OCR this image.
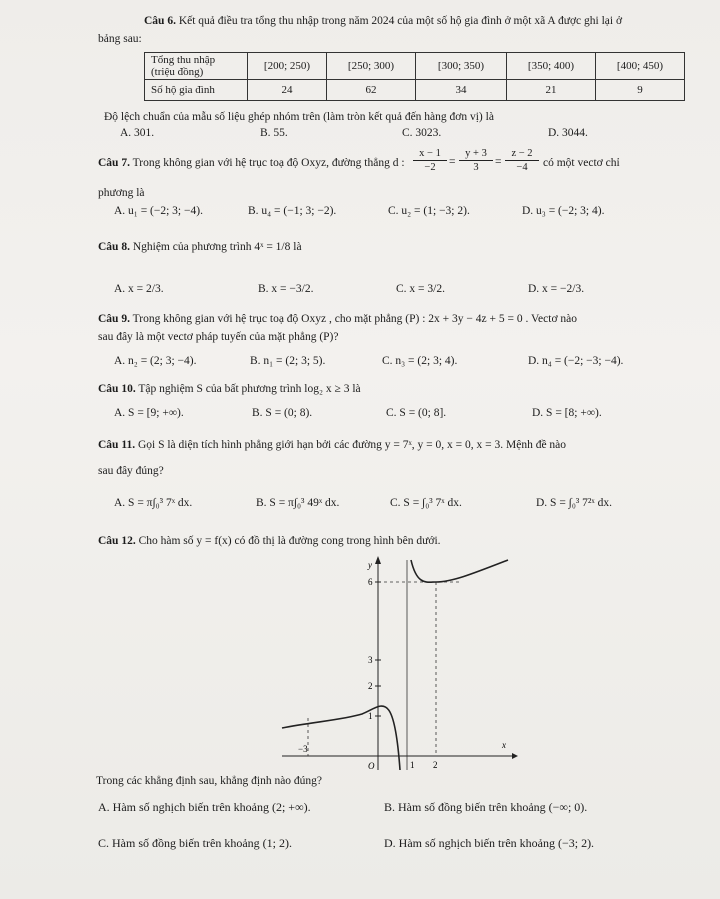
Câu 6. Kết quả điều tra tổng thu nhập trong năm 2024 của một số hộ gia đình ở một xã A được ghi lại ở
bảng sau:
Tổng thu nhập
(triệu đồng)	[200; 250)	[250; 300)	[300; 350)	[350; 400)	[400; 450)
Số hộ gia đình	24	62	34	21	9
Độ lệch chuẩn của mẫu số liệu ghép nhóm trên (làm tròn kết quả đến hàng đơn vị) là
A. 301.	B. 55.	C. 3023.	D. 3044.
Câu 7. Trong không gian với hệ trục toạ độ Oxyz, đường thẳng d : $\frac{x - 1}{-2} = \frac{y + 3}{3} = \frac{z - 2}{-4}$ có một vectơ chỉ
phương là
A. u₁ = (−2; 3; −4).	B. u₄ = (−1; 3; −2).	C. u₂ = (1; −3; 2).	D. u₃ = (−2; 3; 4).
Câu 8. Nghiệm của phương trình 4ˣ = 1/8 là
A. x = 2/3.	B. x = −3/2.	C. x = 3/2.	D. x = −2/3.
Câu 9. Trong không gian với hệ trục toạ độ Oxyz , cho mặt phẳng (P) : 2x + 3y − 4z + 5 = 0 . Vectơ nào
sau đây là một vectơ pháp tuyến của mặt phẳng (P)?
A. n₂ = (2; 3; −4).	B. n₁ = (2; 3; 5).	C. n₃ = (2; 3; 4).	D. n₄ = (−2; −3; −4).
Câu 10. Tập nghiệm S của bất phương trình log₂ x ≥ 3 là
A. S = [9; +∞).	B. S = (0; 8).	C. S = (0; 8].	D. S = [8; +∞).
Câu 11. Gọi S là diện tích hình phẳng giới hạn bởi các đường y = 7ˣ, y = 0, x = 0, x = 3. Mệnh đề nào
sau đây đúng?
A. S = π∫₀³ 7ˣ dx.	B. S = π∫₀³ 49ˣ dx.	C. S = ∫₀³ 7ˣ dx.	D. S = ∫₀³ 7²ˣ dx.
Câu 12. Cho hàm số y = f(x) có đồ thị là đường cong trong hình bên dưới.
y
x
O
6
3
2
1
−3
1 2
Trong các khẳng định sau, khẳng định nào đúng?
A. Hàm số nghịch biến trên khoảng (2; +∞).	B. Hàm số đồng biến trên khoảng (−∞; 0).
C. Hàm số đồng biến trên khoảng (1; 2).	D. Hàm số nghịch biến trên khoảng (−3; 2).
